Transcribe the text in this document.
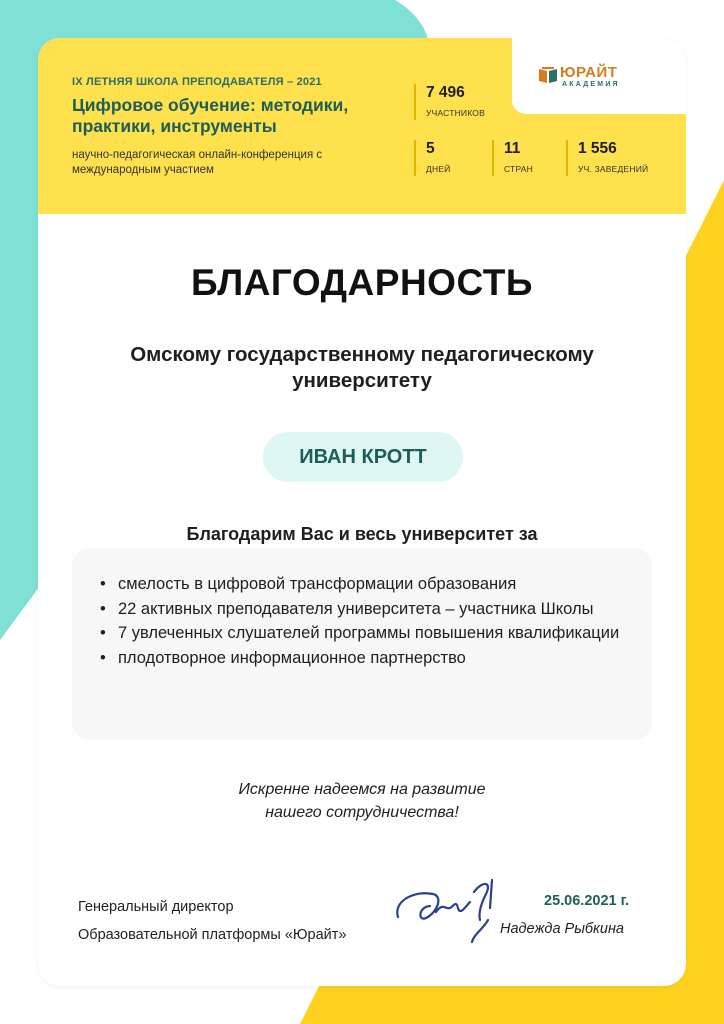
IX ЛЕТНЯЯ ШКОЛА ПРЕПОДАВАТЕЛЯ – 2021
Цифровое обучение: методики, практики, инструменты
научно-педагогическая онлайн-конференция с международным участием
7 496
УЧАСТНИКОВ
5
ДНЕЙ
11
СТРАН
1 556
УЧ. ЗАВЕДЕНИЙ
ЮРАЙТ
АКАДЕМИЯ
БЛАГОДАРНОСТЬ
Омскому государственному педагогическому университету
ИВАН КРОТТ
Благодарим Вас и весь университет за
• смелость в цифровой трансформации образования
• 22 активных преподавателя университета – участника Школы
• 7 увлеченных слушателей программы повышения квалификации
• плодотворное информационное партнерство
Искренне надеемся на развитие
нашего сотрудничества!
Генеральный директор
Образовательной платформы «Юрайт»
25.06.2021 г.
Надежда Рыбкина
